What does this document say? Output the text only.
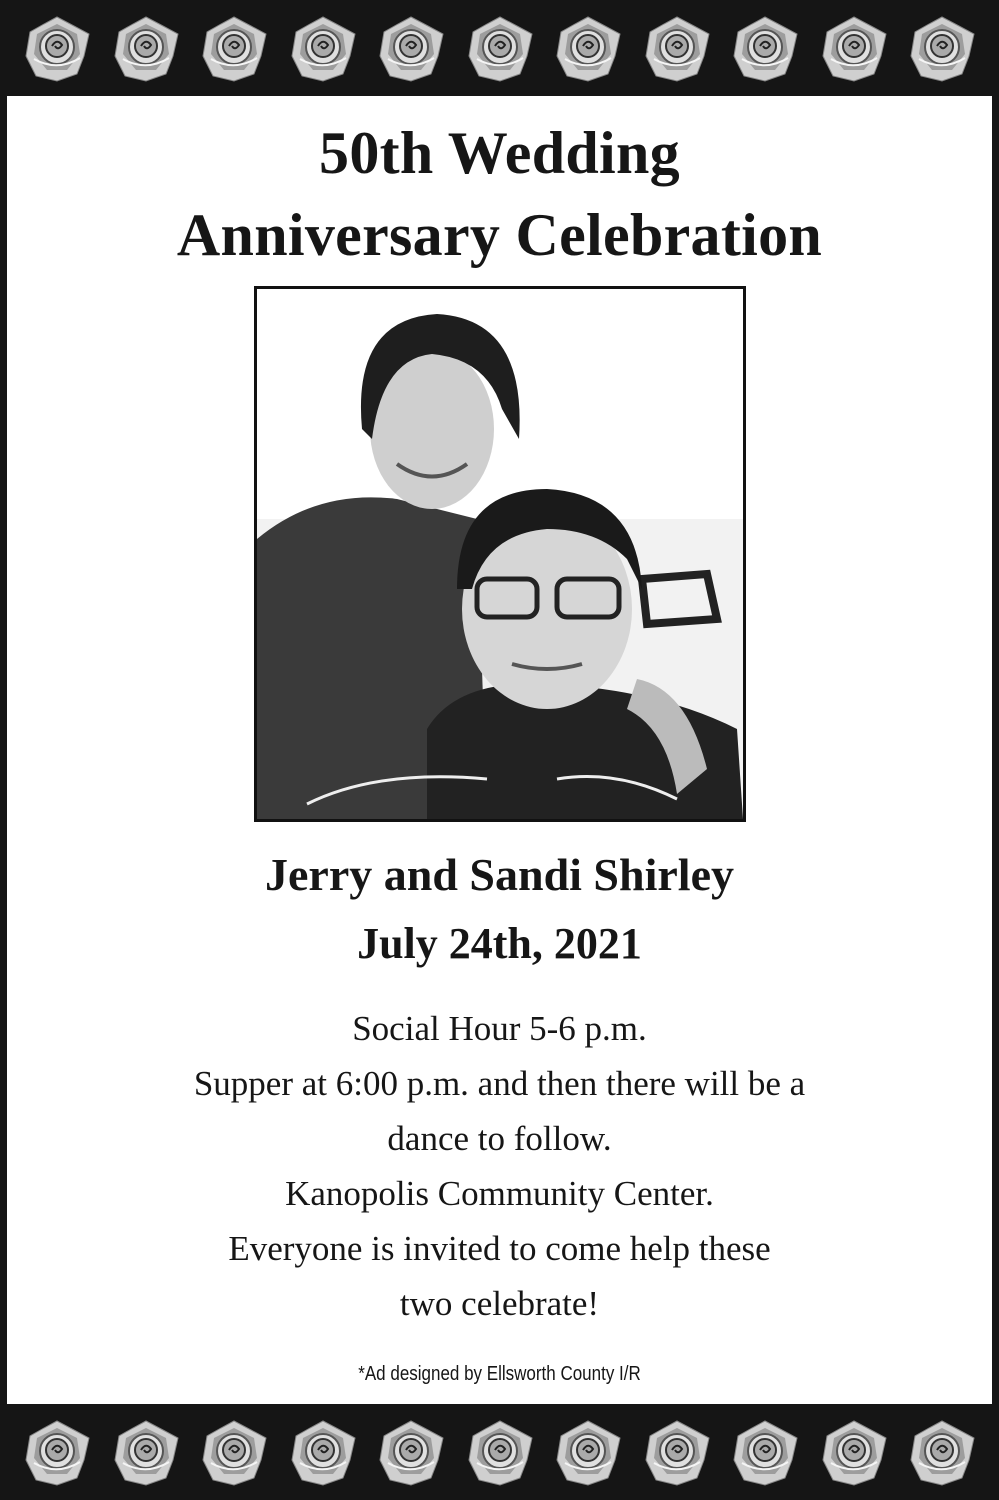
50th Wedding
Anniversary Celebration
Jerry and Sandi Shirley
July 24th, 2021
Social Hour 5-6 p.m.
Supper at 6:00 p.m. and then there will be a
dance to follow.
Kanopolis Community Center.
Everyone is invited to come help these
two celebrate!
*Ad designed by Ellsworth County I/R
